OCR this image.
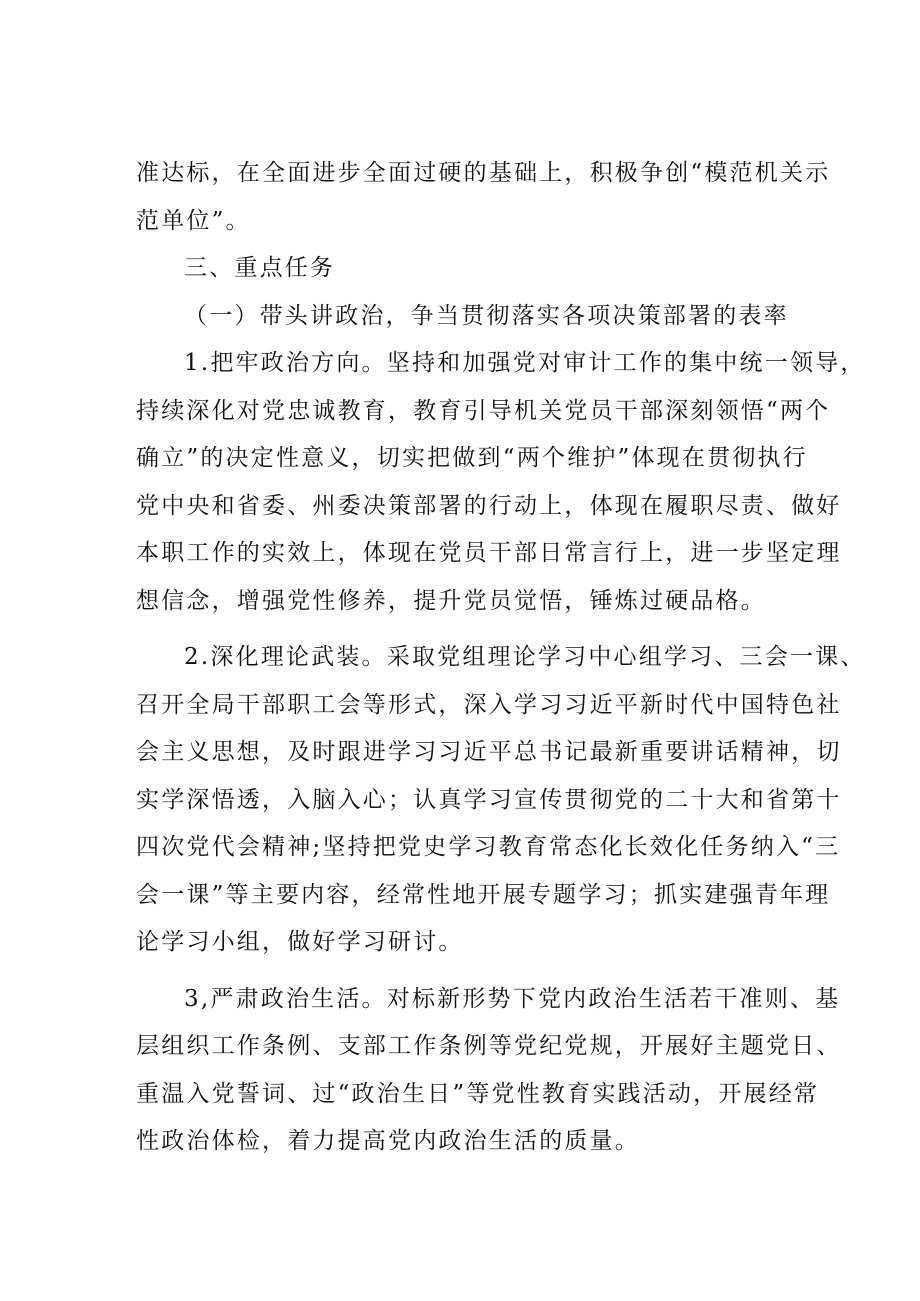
准达标，在全面进步全面过硬的基础上，积极争创“模范机关示
范单位”。
三、重点任务
（一）带头讲政治，争当贯彻落实各项决策部署的表率
1.把牢政治方向。坚持和加强党对审计工作的集中统一领导，
持续深化对党忠诚教育，教育引导机关党员干部深刻领悟“两个
确立”的决定性意义，切实把做到“两个维护”体现在贯彻执行
党中央和省委、州委决策部署的行动上，体现在履职尽责、做好
本职工作的实效上，体现在党员干部日常言行上，进一步坚定理
想信念，增强党性修养，提升党员觉悟，锤炼过硬品格。
2.深化理论武装。采取党组理论学习中心组学习、三会一课、
召开全局干部职工会等形式，深入学习习近平新时代中国特色社
会主义思想，及时跟进学习习近平总书记最新重要讲话精神，切
实学深悟透，入脑入心；认真学习宣传贯彻党的二十大和省第十
四次党代会精神;坚持把党史学习教育常态化长效化任务纳入“三
会一课”等主要内容，经常性地开展专题学习；抓实建强青年理
论学习小组，做好学习研讨。
3,严肃政治生活。对标新形势下党内政治生活若干准则、基
层组织工作条例、支部工作条例等党纪党规，开展好主题党日、
重温入党誓词、过“政治生日”等党性教育实践活动，开展经常
性政治体检，着力提高党内政治生活的质量。
